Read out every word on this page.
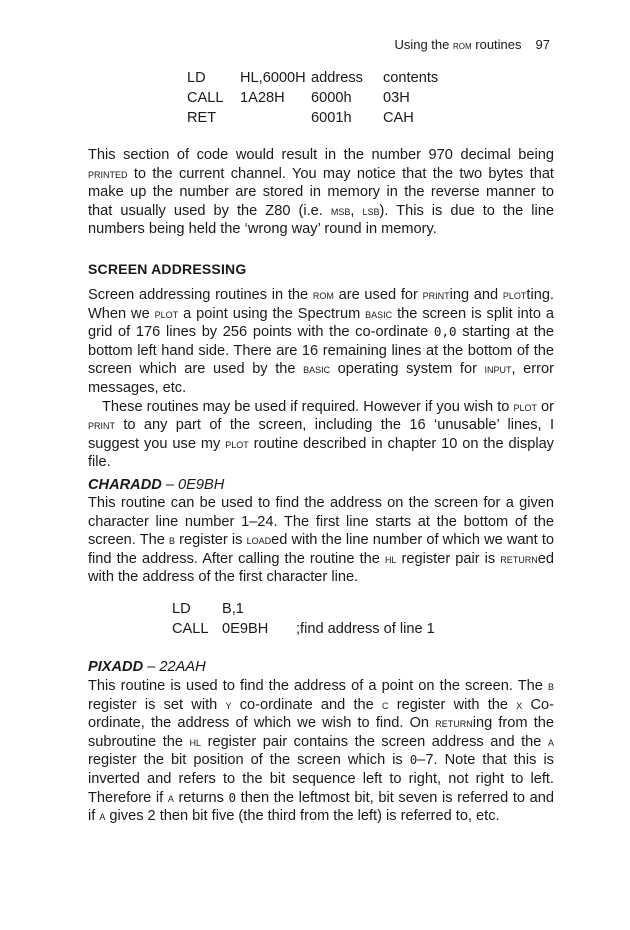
Using the rom routines 97
LD HL,6000H address contents
CALL 1A28H 6000h 03H
RET	6001h CAH

This section of code would result in the number 970 decimal being printed to the current channel. You may notice that the two bytes that make up the number are stored in memory in the reverse manner to that usually used by the Z80 (i.e. msb, lsb). This is due to the line numbers being held the ‘wrong way’ round in memory.

SCREEN ADDRESSING

Screen addressing routines in the rom are used for printing and plotting. When we plot a point using the Spectrum basic the screen is split into a grid of 176 lines by 256 points with the co-ordinate 0,0 starting at the bottom left hand side. There are 16 remaining lines at the bottom of the screen which are used by the basic operating system for input, error messages, etc.

These routines may be used if required. However if you wish to plot or print to any part of the screen, including the 16 ‘unusable’ lines, I suggest you use my plot routine described in chapter 10 on the display file.

CHARADD – 0E9BH

This routine can be used to find the address on the screen for a given character line number 1–24. The first line starts at the bottom of the screen. The b register is loaded with the line number of which we want to find the address. After calling the routine the hl register pair is returned with the address of the first character line.

LD B,1
CALL 0E9BH ;find address of line 1
PIXADD – 22AAH

This routine is used to find the address of a point on the screen. The b register is set with y co-ordinate and the c register with the x Co-ordinate, the address of which we wish to find. On returning from the subroutine the hl register pair contains the screen address and the a register the bit position of the screen which is 0–7. Note that this is inverted and refers to the bit sequence left to right, not right to left. Therefore if a returns 0 then the leftmost bit, bit seven is referred to and if a gives 2 then bit five (the third from the left) is referred to, etc.
